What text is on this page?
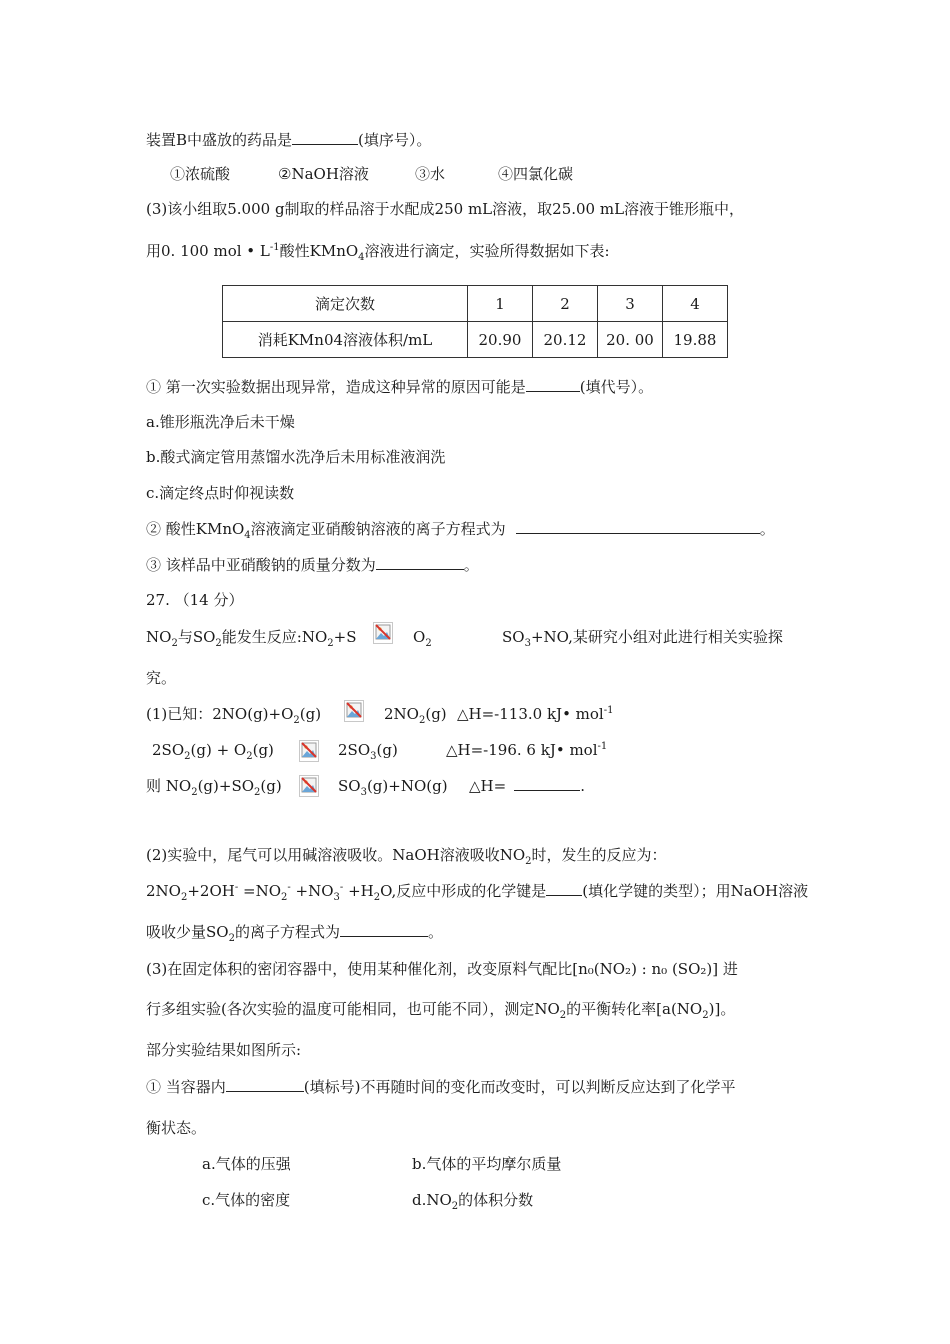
装置B中盛放的药品是	(填序号）。
①浓硫酸	②NaOH溶液	③水	④四氯化碳
(3)该小组取5.000 g制取的样品溶于水配成250 mL溶液，取25.00 mL溶液于锥形瓶中，
用0. 100 mol • $L^{-1}$酸性KMnO$_4$溶液进行滴定，实验所得数据如下表:
滴定次数	1	2	3	4
消耗KMn04溶液体积/mL	20.90	20.12	20. 00	19.88
① 第一次实验数据出现异常，造成这种异常的原因可能是	(填代号）。
a.锥形瓶洗净后未干燥
b.酸式滴定管用蒸馏水洗净后未用标准液润洗
c.滴定终点时仰视读数
② 酸性KMnO$_4$溶液滴定亚硝酸钠溶液的离子方程式为	。
③ 该样品中亚硝酸钠的质量分数为	。
27. （14 分）
$NO_2$与$SO_2$能发生反应$:NO_2+S$	$O_2$	$SO_3+NO$,某研究小组对此进行相关实验探
究。
(1)已知：$2NO(g)+O_2(g)$	$2NO_2(g)$ △H=-113.0 kJ• mol$^{-1}$
$2SO_2(g) + O_2(g)$	$2SO_3(g)$	△H=-196. 6 kJ• mol$^{-1}$
则 $NO_2(g)+SO_2(g)$	$SO_3(g)+NO(g)$ △H=	.
(2)实验中，尾气可以用碱溶液吸收。NaOH溶液吸收$NO_2$时，发生的反应为：
$2NO_2+2OH^- =NO_2^- +NO_3^- +H_2O$,反应中形成的化学键是 (填化学键的类型）；用NaOH溶液
吸收少量$SO_2$的离子方程式为	。
(3)在固定体积的密闭容器中，使用某种催化剂，改变原料气配比[n₀(NO₂) : n₀ (SO₂)] 进
行多组实验(各次实验的温度可能相同，也可能不同），测定$NO_2$的平衡转化率$[a(NO_2)]$。
部分实验结果如图所示:
① 当容器内	(填标号)不再随时间的变化而改变时，可以判断反应达到了化学平
衡状态。
a.气体的压强	b.气体的平均摩尔质量
c.气体的密度	$d.NO_2$的体积分数
